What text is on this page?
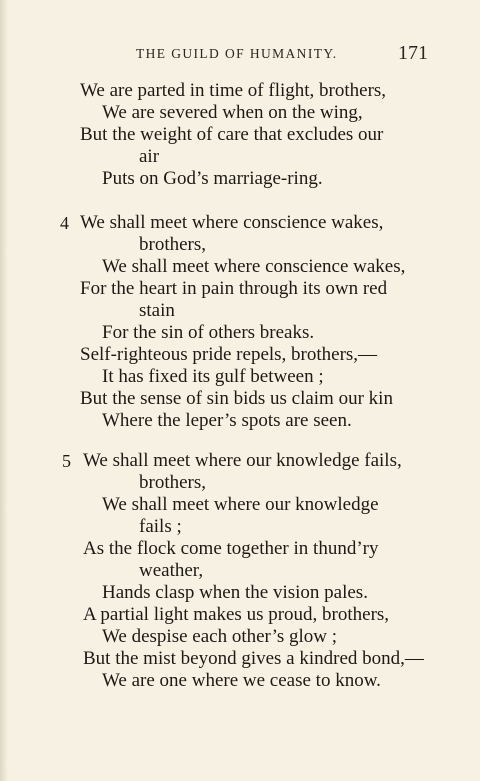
THE GUILD OF HUMANITY.	171
We are parted in time of flight, brothers,
We are severed when on the wing,
But the weight of care that excludes our
air
Puts on God’s marriage-ring.
4 We shall meet where conscience wakes,
brothers,
We shall meet where conscience wakes,
For the heart in pain through its own red
stain
For the sin of others breaks.
Self-righteous pride repels, brothers,—
It has fixed its gulf between ;
But the sense of sin bids us claim our kin
Where the leper’s spots are seen.
5 We shall meet where our knowledge fails,
brothers,
We shall meet where our knowledge
fails ;
As the flock come together in thund’ry
weather,
Hands clasp when the vision pales.
A partial light makes us proud, brothers,
We despise each other’s glow ;
But the mist beyond gives a kindred bond,—
We are one where we cease to know.
